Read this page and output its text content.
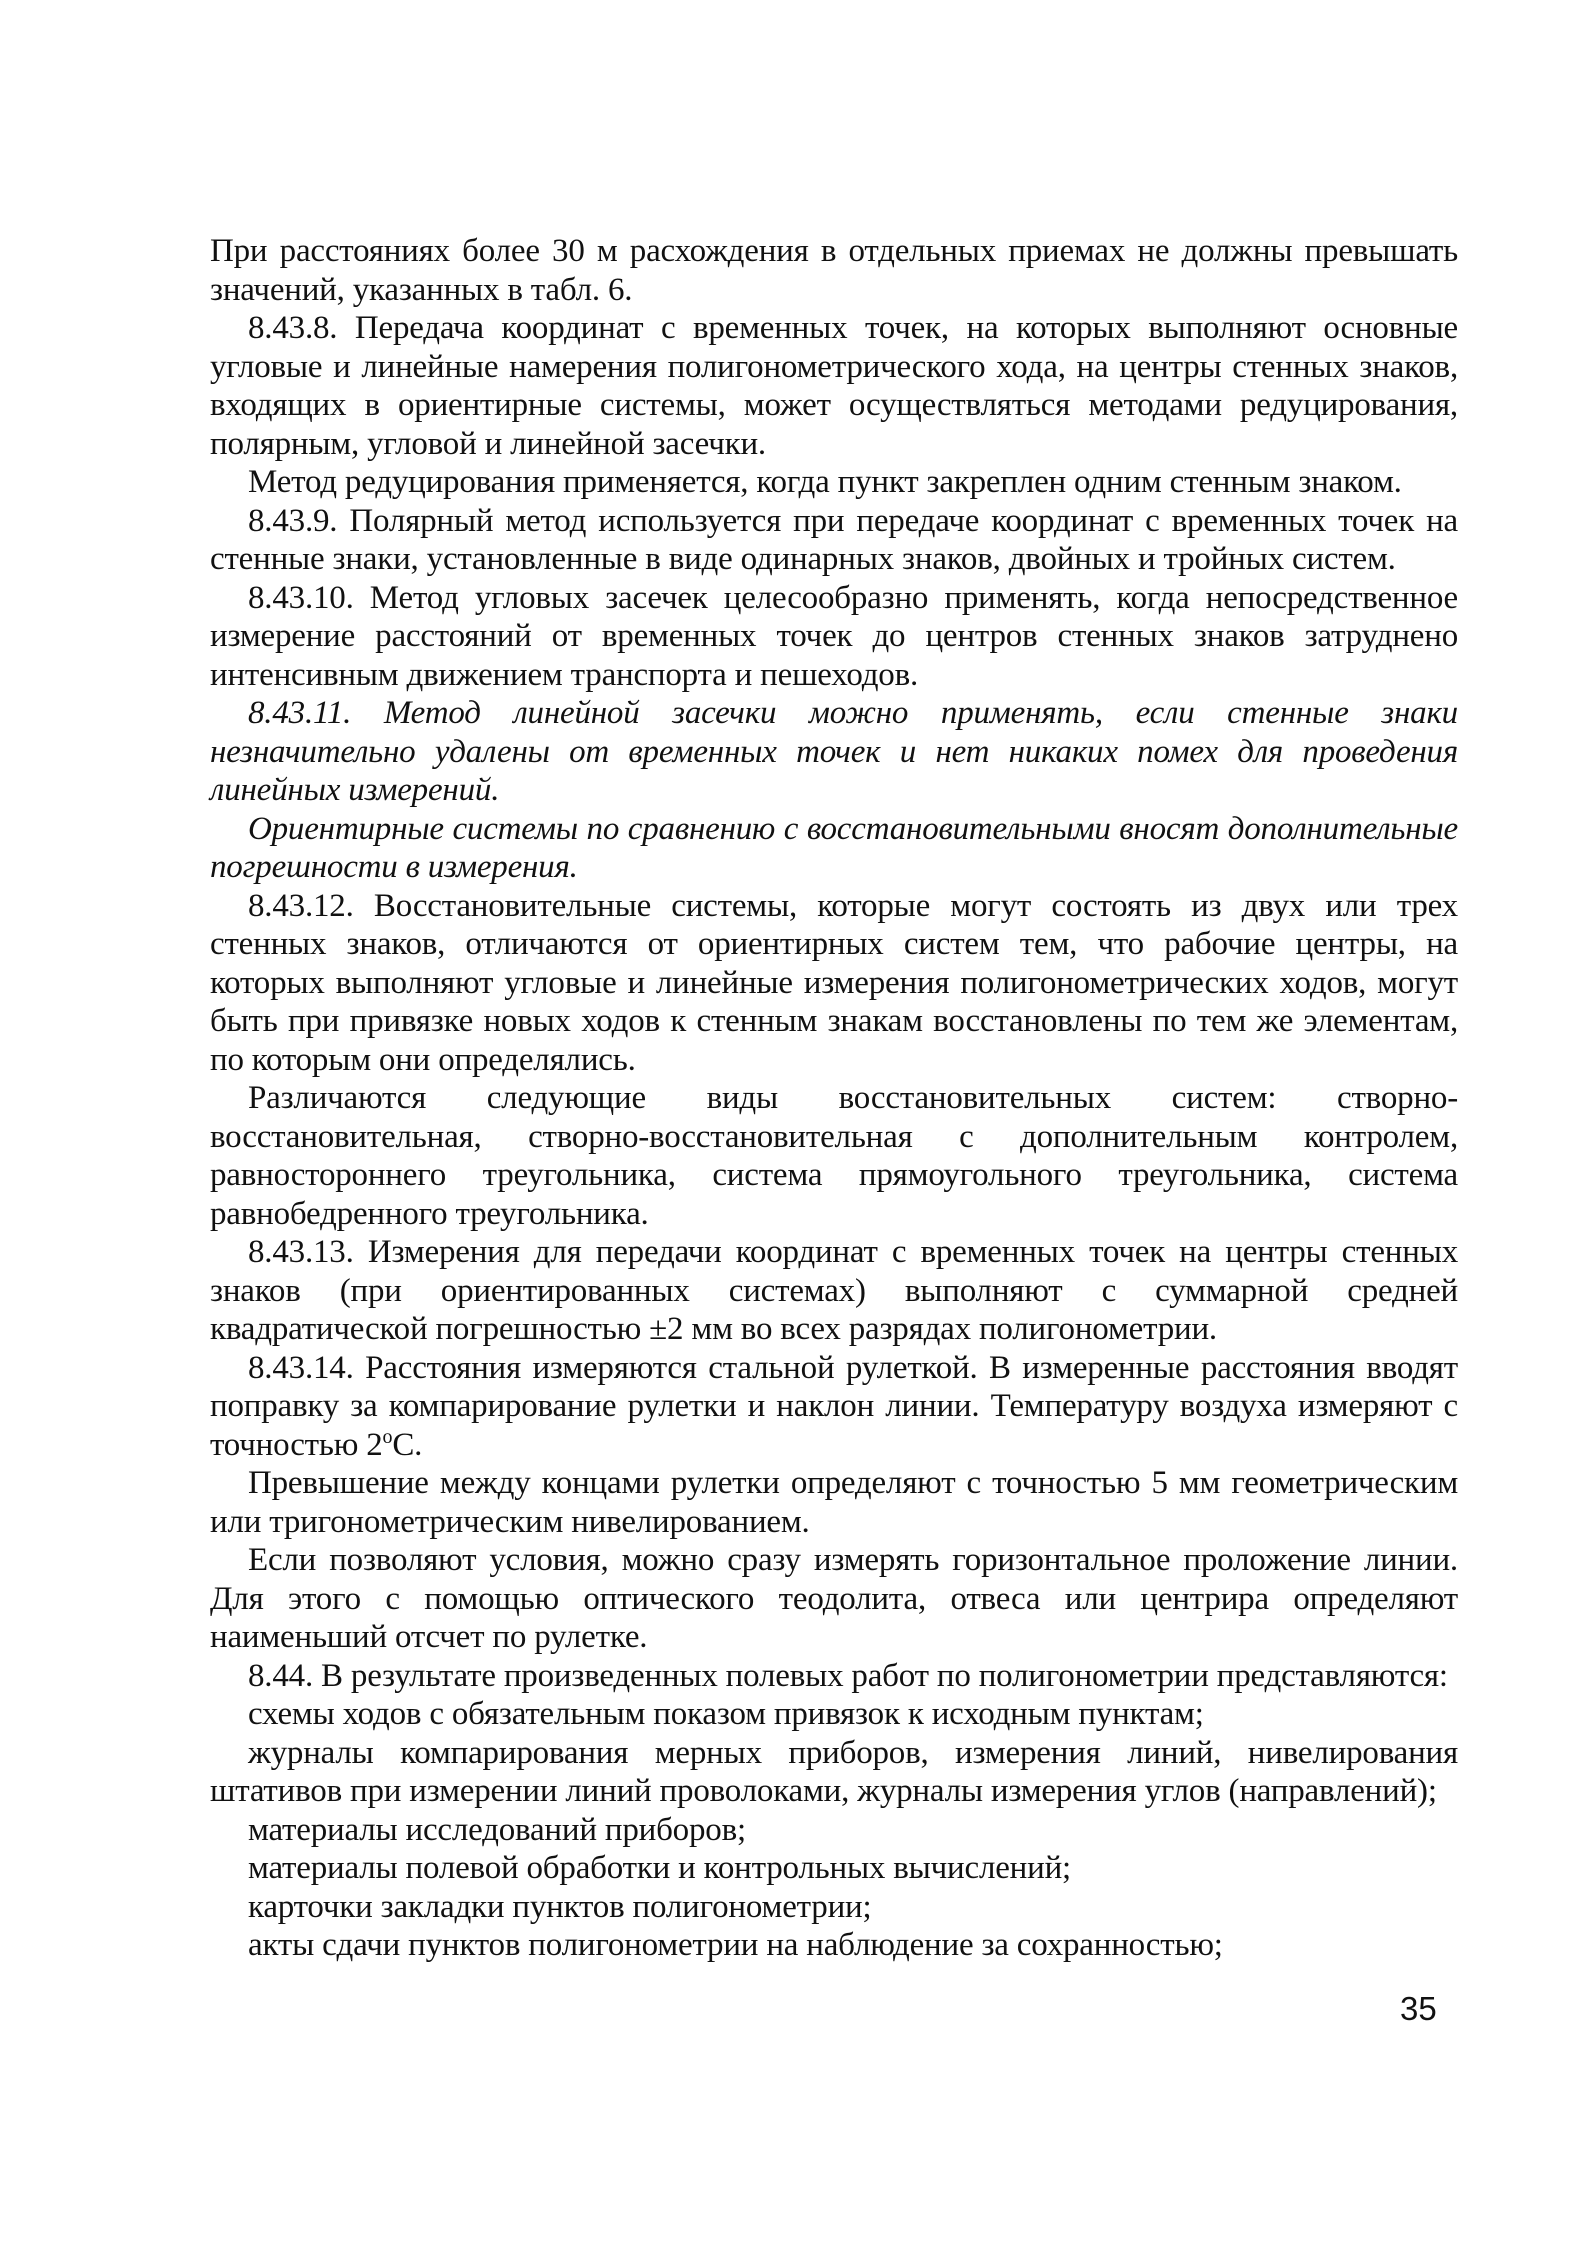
При расстояниях более 30 м расхождения в отдельных приемах не должны превышать значений, указанных в табл. 6.

8.43.8. Передача координат с временных точек, на которых выполняют основные угловые и линейные намерения полигонометрического хода, на центры стенных знаков, входящих в ориентирные системы, может осуществляться методами редуцирования, полярным, угловой и линейной засечки.

Метод редуцирования применяется, когда пункт закреплен одним стенным знаком.

8.43.9. Полярный метод используется при передаче координат с временных точек на стенные знаки, установленные в виде одинарных знаков, двойных и тройных систем.

8.43.10. Метод угловых засечек целесообразно применять, когда непосредственное измерение расстояний от временных точек до центров стенных знаков затруднено интенсивным движением транспорта и пешеходов.

8.43.11. Метод линейной засечки можно применять, если стенные знаки незначительно удалены от временных точек и нет никаких помех для проведения линейных измерений.

Ориентирные системы по сравнению с восстановительными вносят дополнительные погрешности в измерения.

8.43.12. Восстановительные системы, которые могут состоять из двух или трех стенных знаков, отличаются от ориентирных систем тем, что рабочие центры, на которых выполняют угловые и линейные измерения полигонометрических ходов, могут быть при привязке новых ходов к стенным знакам восстановлены по тем же элементам, по которым они определялись.

Различаются следующие виды восстановительных систем: створно-восстановительная, створно-восстановительная с дополнительным контролем, равностороннего треугольника, система прямоугольного треугольника, система равнобедренного треугольника.

8.43.13. Измерения для передачи координат с временных точек на центры стенных знаков (при ориентированных системах) выполняют с суммарной средней квадратической погрешностью ±2 мм во всех разрядах полигонометрии.

8.43.14. Расстояния измеряются стальной рулеткой. В измеренные расстояния вводят поправку за компарирование рулетки и наклон линии. Температуру воздуха измеряют с точностью 2$^o$С.

Превышение между концами рулетки определяют с точностью 5 мм геометрическим или тригонометрическим нивелированием.

Если позволяют условия, можно сразу измерять горизонтальное проложение линии. Для этого с помощью оптического теодолита, отвеса или центрира определяют наименьший отсчет по рулетке.

8.44. В результате произведенных полевых работ по полигонометрии представляются:

схемы ходов с обязательным показом привязок к исходным пунктам;

журналы компарирования мерных приборов, измерения линий, нивелирования штативов при измерении линий проволоками, журналы измерения углов (направлений);

материалы исследований приборов;

материалы полевой обработки и контрольных вычислений;

карточки закладки пунктов полигонометрии;

акты сдачи пунктов полигонометрии на наблюдение за сохранностью;

35
